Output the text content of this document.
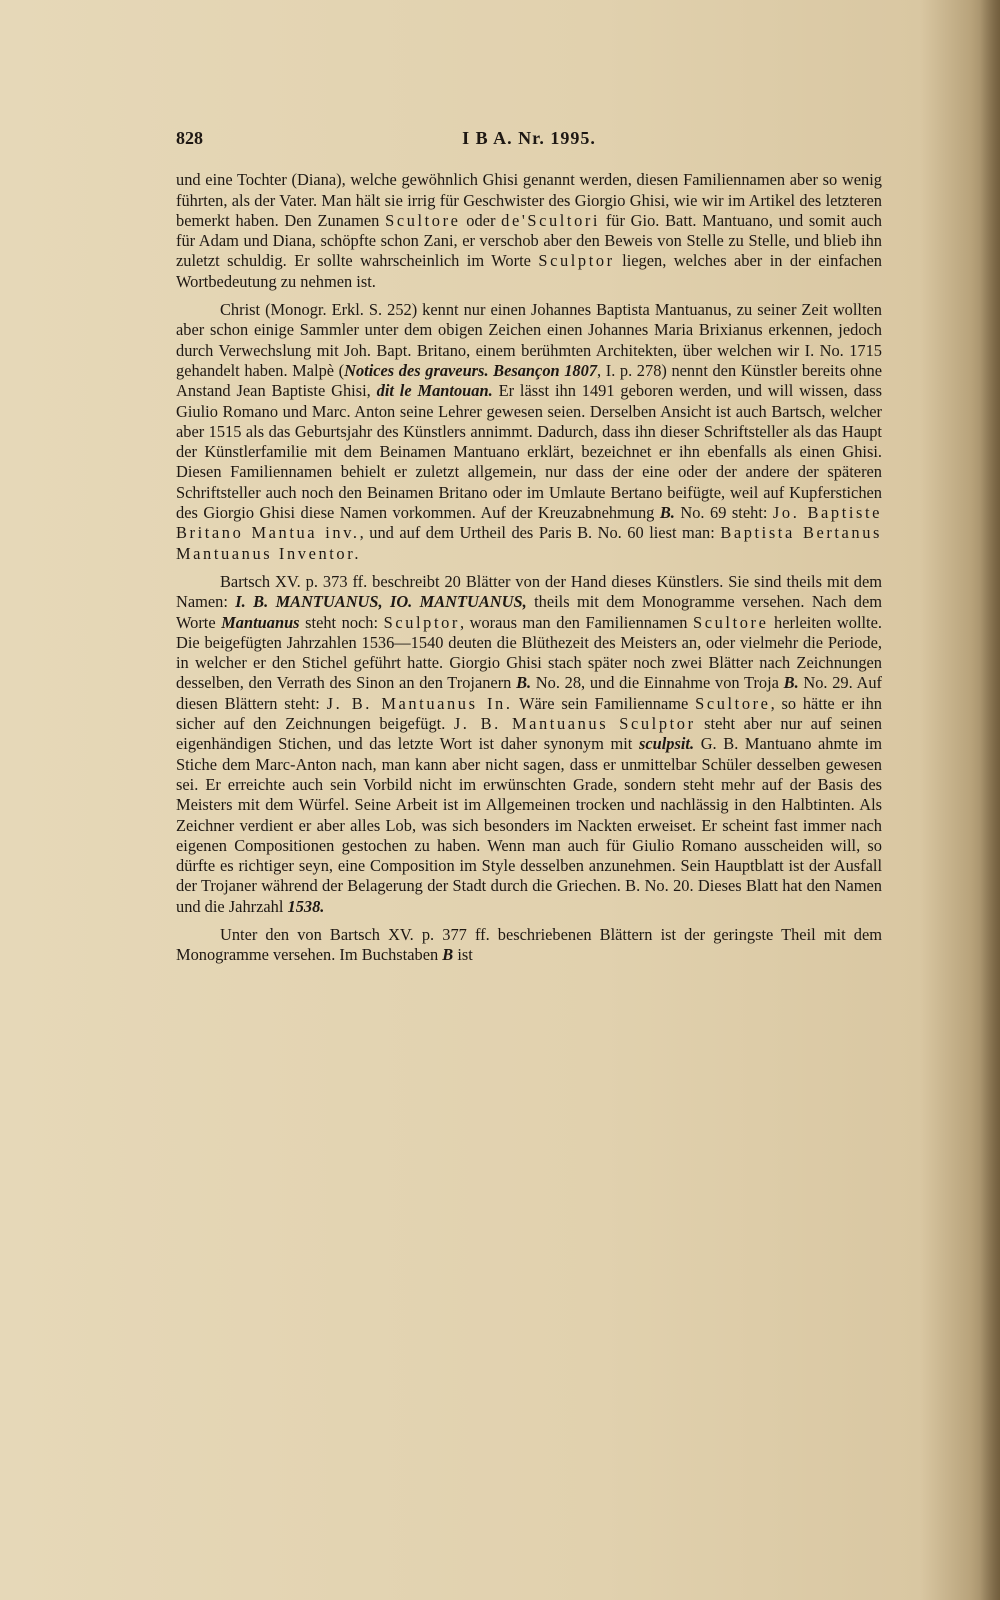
828	I B A. Nr. 1995.

und eine Tochter (Diana), welche gewöhnlich Ghisi genannt werden, diesen Familiennamen aber so wenig führten, als der Vater. Man hält sie irrig für Geschwister des Giorgio Ghisi, wie wir im Artikel des letzteren bemerkt haben. Den Zunamen Scultore oder de'Scultori für Gio. Batt. Mantuano, und somit auch für Adam und Diana, schöpfte schon Zani, er verschob aber den Beweis von Stelle zu Stelle, und blieb ihn zuletzt schuldig. Er sollte wahrscheinlich im Worte Sculptor liegen, welches aber in der einfachen Wortbedeutung zu nehmen ist.

Christ (Monogr. Erkl. S. 252) kennt nur einen Johannes Baptista Mantuanus, zu seiner Zeit wollten aber schon einige Sammler unter dem obigen Zeichen einen Johannes Maria Brixianus erkennen, jedoch durch Verwechslung mit Joh. Bapt. Britano, einem berühmten Architekten, über welchen wir I. No. 1715 gehandelt haben. Malpè (Notices des graveurs. Besançon 1807, I. p. 278) nennt den Künstler bereits ohne Anstand Jean Baptiste Ghisi, dit le Mantouan. Er lässt ihn 1491 geboren werden, und will wissen, dass Giulio Romano und Marc. Anton seine Lehrer gewesen seien. Derselben Ansicht ist auch Bartsch, welcher aber 1515 als das Geburtsjahr des Künstlers annimmt. Dadurch, dass ihn dieser Schriftsteller als das Haupt der Künstlerfamilie mit dem Beinamen Mantuano erklärt, bezeichnet er ihn ebenfalls als einen Ghisi. Diesen Familiennamen behielt er zuletzt allgemein, nur dass der eine oder der andere der späteren Schriftsteller auch noch den Beinamen Britano oder im Umlaute Bertano beifügte, weil auf Kupferstichen des Giorgio Ghisi diese Namen vorkommen. Auf der Kreuzabnehmung B. No. 69 steht: Jo. Baptiste Britano Mantua inv., und auf dem Urtheil des Paris B. No. 60 liest man: Baptista Bertanus Mantuanus Inventor.

Bartsch XV. p. 373 ff. beschreibt 20 Blätter von der Hand dieses Künstlers. Sie sind theils mit dem Namen: I. B. MANTUANUS, IO. MANTUANUS, theils mit dem Monogramme versehen. Nach dem Worte Mantuanus steht noch: Sculptor, woraus man den Familiennamen Scultore herleiten wollte. Die beigefügten Jahrzahlen 1536—1540 deuten die Blüthezeit des Meisters an, oder vielmehr die Periode, in welcher er den Stichel geführt hatte. Giorgio Ghisi stach später noch zwei Blätter nach Zeichnungen desselben, den Verrath des Sinon an den Trojanern B. No. 28, und die Einnahme von Troja B. No. 29. Auf diesen Blättern steht: J. B. Mantuanus In. Wäre sein Familienname Scultore, so hätte er ihn sicher auf den Zeichnungen beigefügt. J. B. Mantuanus Sculptor steht aber nur auf seinen eigenhändigen Stichen, und das letzte Wort ist daher synonym mit sculpsit. G. B. Mantuano ahmte im Stiche dem Marc-Anton nach, man kann aber nicht sagen, dass er unmittelbar Schüler desselben gewesen sei. Er erreichte auch sein Vorbild nicht im erwünschten Grade, sondern steht mehr auf der Basis des Meisters mit dem Würfel. Seine Arbeit ist im Allgemeinen trocken und nachlässig in den Halbtinten. Als Zeichner verdient er aber alles Lob, was sich besonders im Nackten erweiset. Er scheint fast immer nach eigenen Compositionen gestochen zu haben. Wenn man auch für Giulio Romano ausscheiden will, so dürfte es richtiger seyn, eine Composition im Style desselben anzunehmen. Sein Hauptblatt ist der Ausfall der Trojaner während der Belagerung der Stadt durch die Griechen. B. No. 20. Dieses Blatt hat den Namen und die Jahrzahl 1538.

Unter den von Bartsch XV. p. 377 ff. beschriebenen Blättern ist der geringste Theil mit dem Monogramme versehen. Im Buchstaben B ist
